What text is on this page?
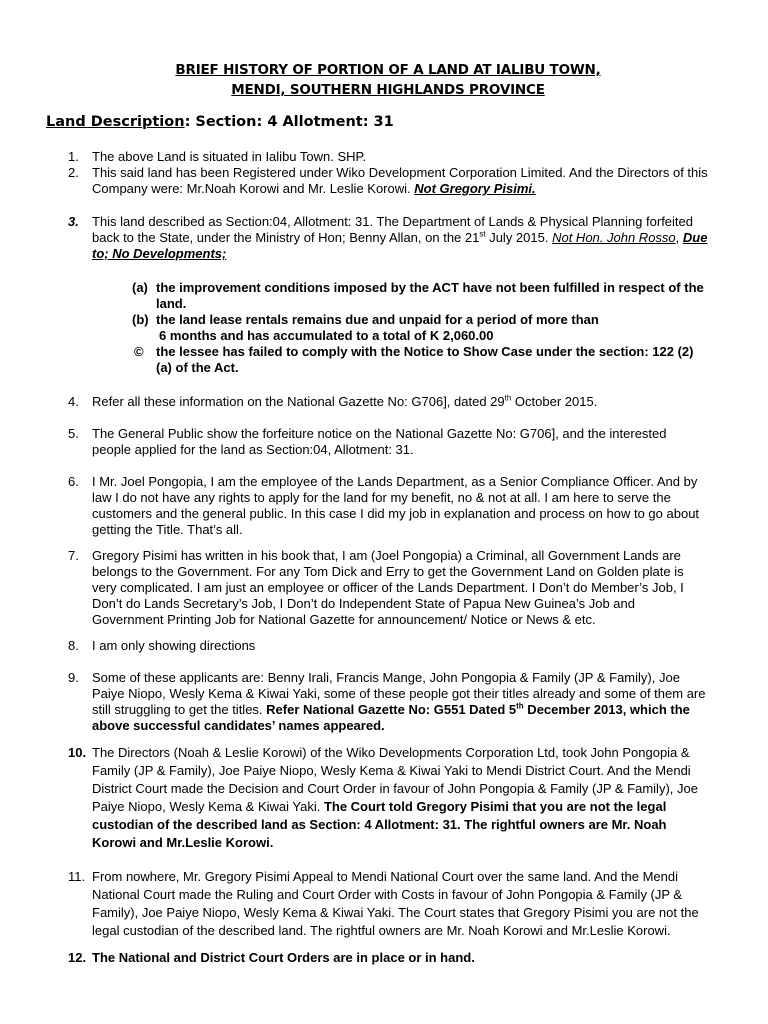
BRIEF HISTORY OF PORTION OF A LAND AT IALIBU TOWN,
MENDI, SOUTHERN HIGHLANDS PROVINCE
Land Description: Section: 4 Allotment: 31
1. The above Land is situated in Ialibu Town. SHP.
2. This said land has been Registered under Wiko Development Corporation Limited. And the Directors of this Company were: Mr.Noah Korowi and Mr. Leslie Korowi. Not Gregory Pisimi.
3. This land described as Section:04, Allotment: 31. The Department of Lands & Physical Planning forfeited back to the State, under the Ministry of Hon; Benny Allan, on the 21st July 2015. Not Hon. John Rosso, Due to; No Developments;
(a) the improvement conditions imposed by the ACT have not been fulfilled in respect of the land.
(b) the land lease rentals remains due and unpaid for a period of more than
6 months and has accumulated to a total of K 2,060.00
© the lessee has failed to comply with the Notice to Show Case under the section: 122 (2) (a) of the Act.
4. Refer all these information on the National Gazette No: G706], dated 29th October 2015.
5. The General Public show the forfeiture notice on the National Gazette No: G706], and the interested people applied for the land as Section:04, Allotment: 31.
6. I Mr. Joel Pongopia, I am the employee of the Lands Department, as a Senior Compliance Officer. And by law I do not have any rights to apply for the land for my benefit, no & not at all. I am here to serve the customers and the general public. In this case I did my job in explanation and process on how to go about getting the Title. That’s all.
7. Gregory Pisimi has written in his book that, I am (Joel Pongopia) a Criminal, all Government Lands are belongs to the Government. For any Tom Dick and Erry to get the Government Land on Golden plate is very complicated. I am just an employee or officer of the Lands Department. I Don’t do Member’s Job, I Don’t do Lands Secretary’s Job, I Don’t do Independent State of Papua New Guinea’s Job and Government Printing Job for National Gazette for announcement/ Notice or News & etc.
8. I am only showing directions
9. Some of these applicants are: Benny Irali, Francis Mange, John Pongopia & Family (JP & Family), Joe Paiye Niopo, Wesly Kema & Kiwai Yaki, some of these people got their titles already and some of them are still struggling to get the titles. Refer National Gazette No: G551 Dated 5th December 2013, which the above successful candidates’ names appeared.
10. The Directors (Noah & Leslie Korowi) of the Wiko Developments Corporation Ltd, took John Pongopia & Family (JP & Family), Joe Paiye Niopo, Wesly Kema & Kiwai Yaki to Mendi District Court. And the Mendi District Court made the Decision and Court Order in favour of John Pongopia & Family (JP & Family), Joe Paiye Niopo, Wesly Kema & Kiwai Yaki. The Court told Gregory Pisimi that you are not the legal custodian of the described land as Section: 4 Allotment: 31. The rightful owners are Mr. Noah Korowi and Mr.Leslie Korowi.
11. From nowhere, Mr. Gregory Pisimi Appeal to Mendi National Court over the same land. And the Mendi National Court made the Ruling and Court Order with Costs in favour of John Pongopia & Family (JP & Family), Joe Paiye Niopo, Wesly Kema & Kiwai Yaki. The Court states that Gregory Pisimi you are not the legal custodian of the described land. The rightful owners are Mr. Noah Korowi and Mr.Leslie Korowi.
12. The National and District Court Orders are in place or in hand.
